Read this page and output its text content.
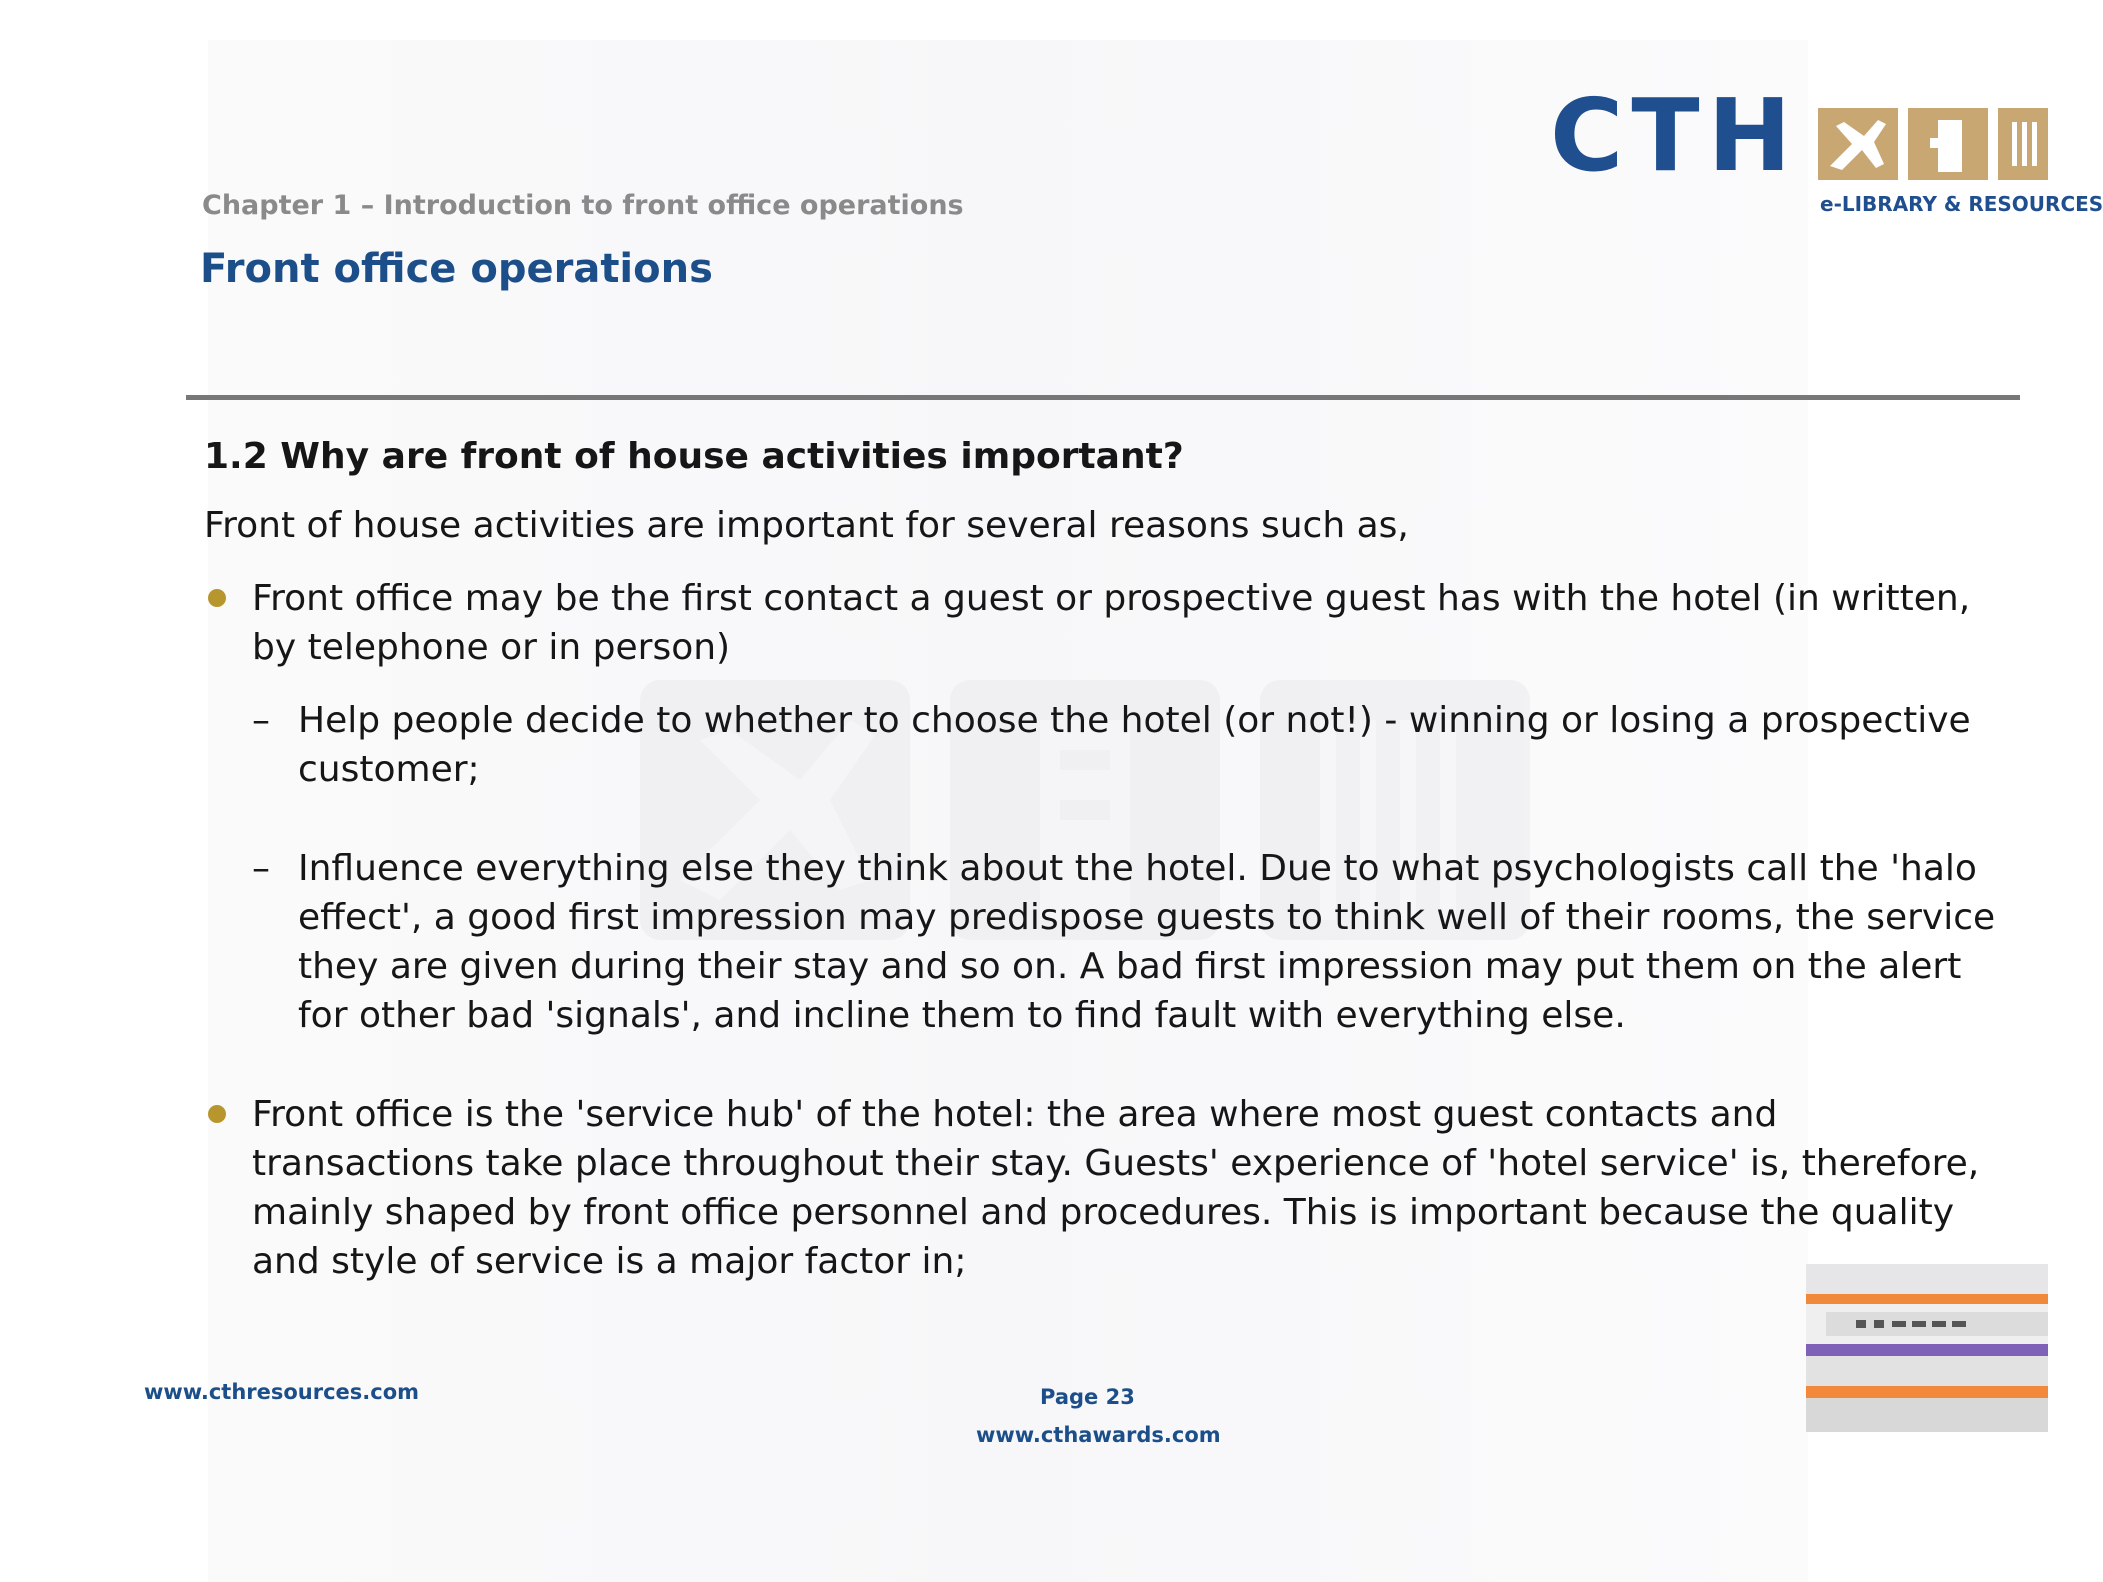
CTH
e-LIBRARY & RESOURCES
Chapter 1 – Introduction to front office operations
Front office operations
1.2 Why are front of house activities important?
Front of house activities are important for several reasons such as,
Front office may be the first contact a guest or prospective guest has with the hotel (in written, by telephone or in person)
– Help people decide to whether to choose the hotel (or not!) - winning or losing a prospective customer;
– Influence everything else they think about the hotel. Due to what psychologists call the 'halo effect', a good first impression may predispose guests to think well of their rooms, the service they are given during their stay and so on. A bad first impression may put them on the alert for other bad 'signals', and incline them to find fault with everything else.
Front office is the 'service hub' of the hotel: the area where most guest contacts and transactions take place throughout their stay. Guests' experience of 'hotel service' is, therefore, mainly shaped by front office personnel and procedures. This is important because the quality and style of service is a major factor in;
www.cthresources.com	Page 23
www.cthawards.com
